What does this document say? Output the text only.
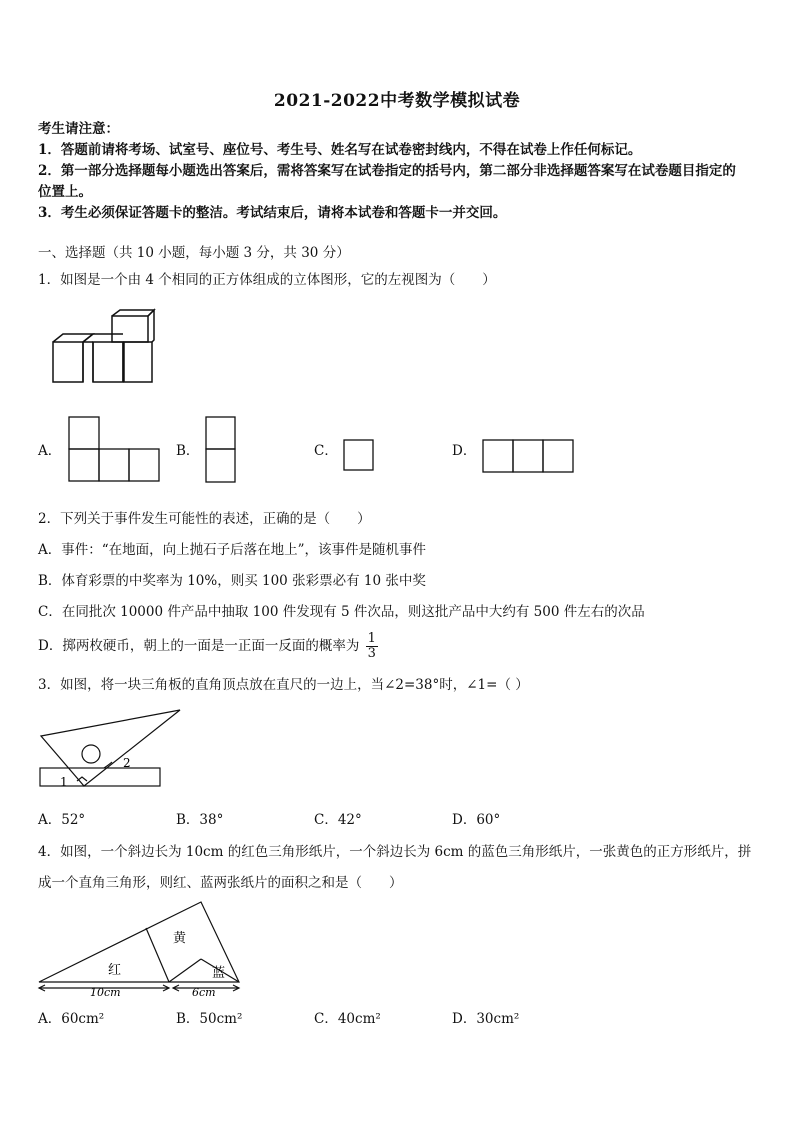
2021-2022中考数学模拟试卷
考生请注意：
1．答题前请将考场、试室号、座位号、考生号、姓名写在试卷密封线内，不得在试卷上作任何标记。
2．第一部分选择题每小题选出答案后，需将答案写在试卷指定的括号内，第二部分非选择题答案写在试卷题目指定的
位置上。
3．考生必须保证答题卡的整洁。考试结束后，请将本试卷和答题卡一并交回。
一、选择题（共 10 小题，每小题 3 分，共 30 分）
1．如图是一个由 4 个相同的正方体组成的立体图形，它的左视图为（　　）
A．	B．	C．	D．
2．下列关于事件发生可能性的表述，正确的是（　　）
A．事件：“在地面，向上抛石子后落在地上”，该事件是随机事件
B．体育彩票的中奖率为 10%，则买 100 张彩票必有 10 张中奖
C．在同批次 10000 件产品中抽取 100 件发现有 5 件次品，则这批产品中大约有 500 件左右的次品
D．掷两枚硬币，朝上的一面是一正面一反面的概率为 $\frac{1}{3}$
3．如图，将一块三角板的直角顶点放在直尺的一边上，当∠2=38°时，∠1=（ ）
1
2
A．52°	B．38°	C．42°	D．60°
4．如图，一个斜边长为 10cm 的红色三角形纸片，一个斜边长为 6cm 的蓝色三角形纸片，一张黄色的正方形纸片，拼
成一个直角三角形，则红、蓝两张纸片的面积之和是（　　）
黄
红	蓝
10cm	6cm
A．60cm²	B．50cm²	C．40cm²	D．30cm²
